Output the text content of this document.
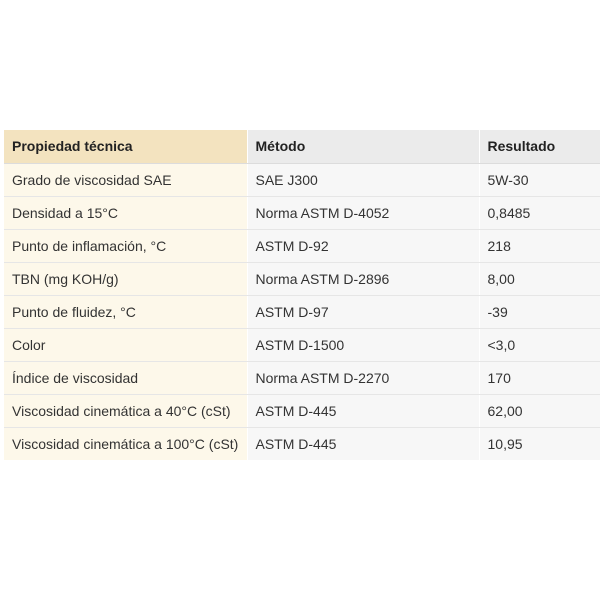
Propiedad técnica	Método	Resultado
Grado de viscosidad SAE	SAE J300	5W-30
Densidad a 15°C	Norma ASTM D-4052	0,8485
Punto de inflamación, °C	ASTM D-92	218
TBN (mg KOH/g)	Norma ASTM D-2896	8,00
Punto de fluidez, °C	ASTM D-97	-39
Color	ASTM D-1500	<3,0
Índice de viscosidad	Norma ASTM D-2270	170
Viscosidad cinemática a 40°C (cSt)	ASTM D-445	62,00
Viscosidad cinemática a 100°C (cSt)	ASTM D-445	10,95
